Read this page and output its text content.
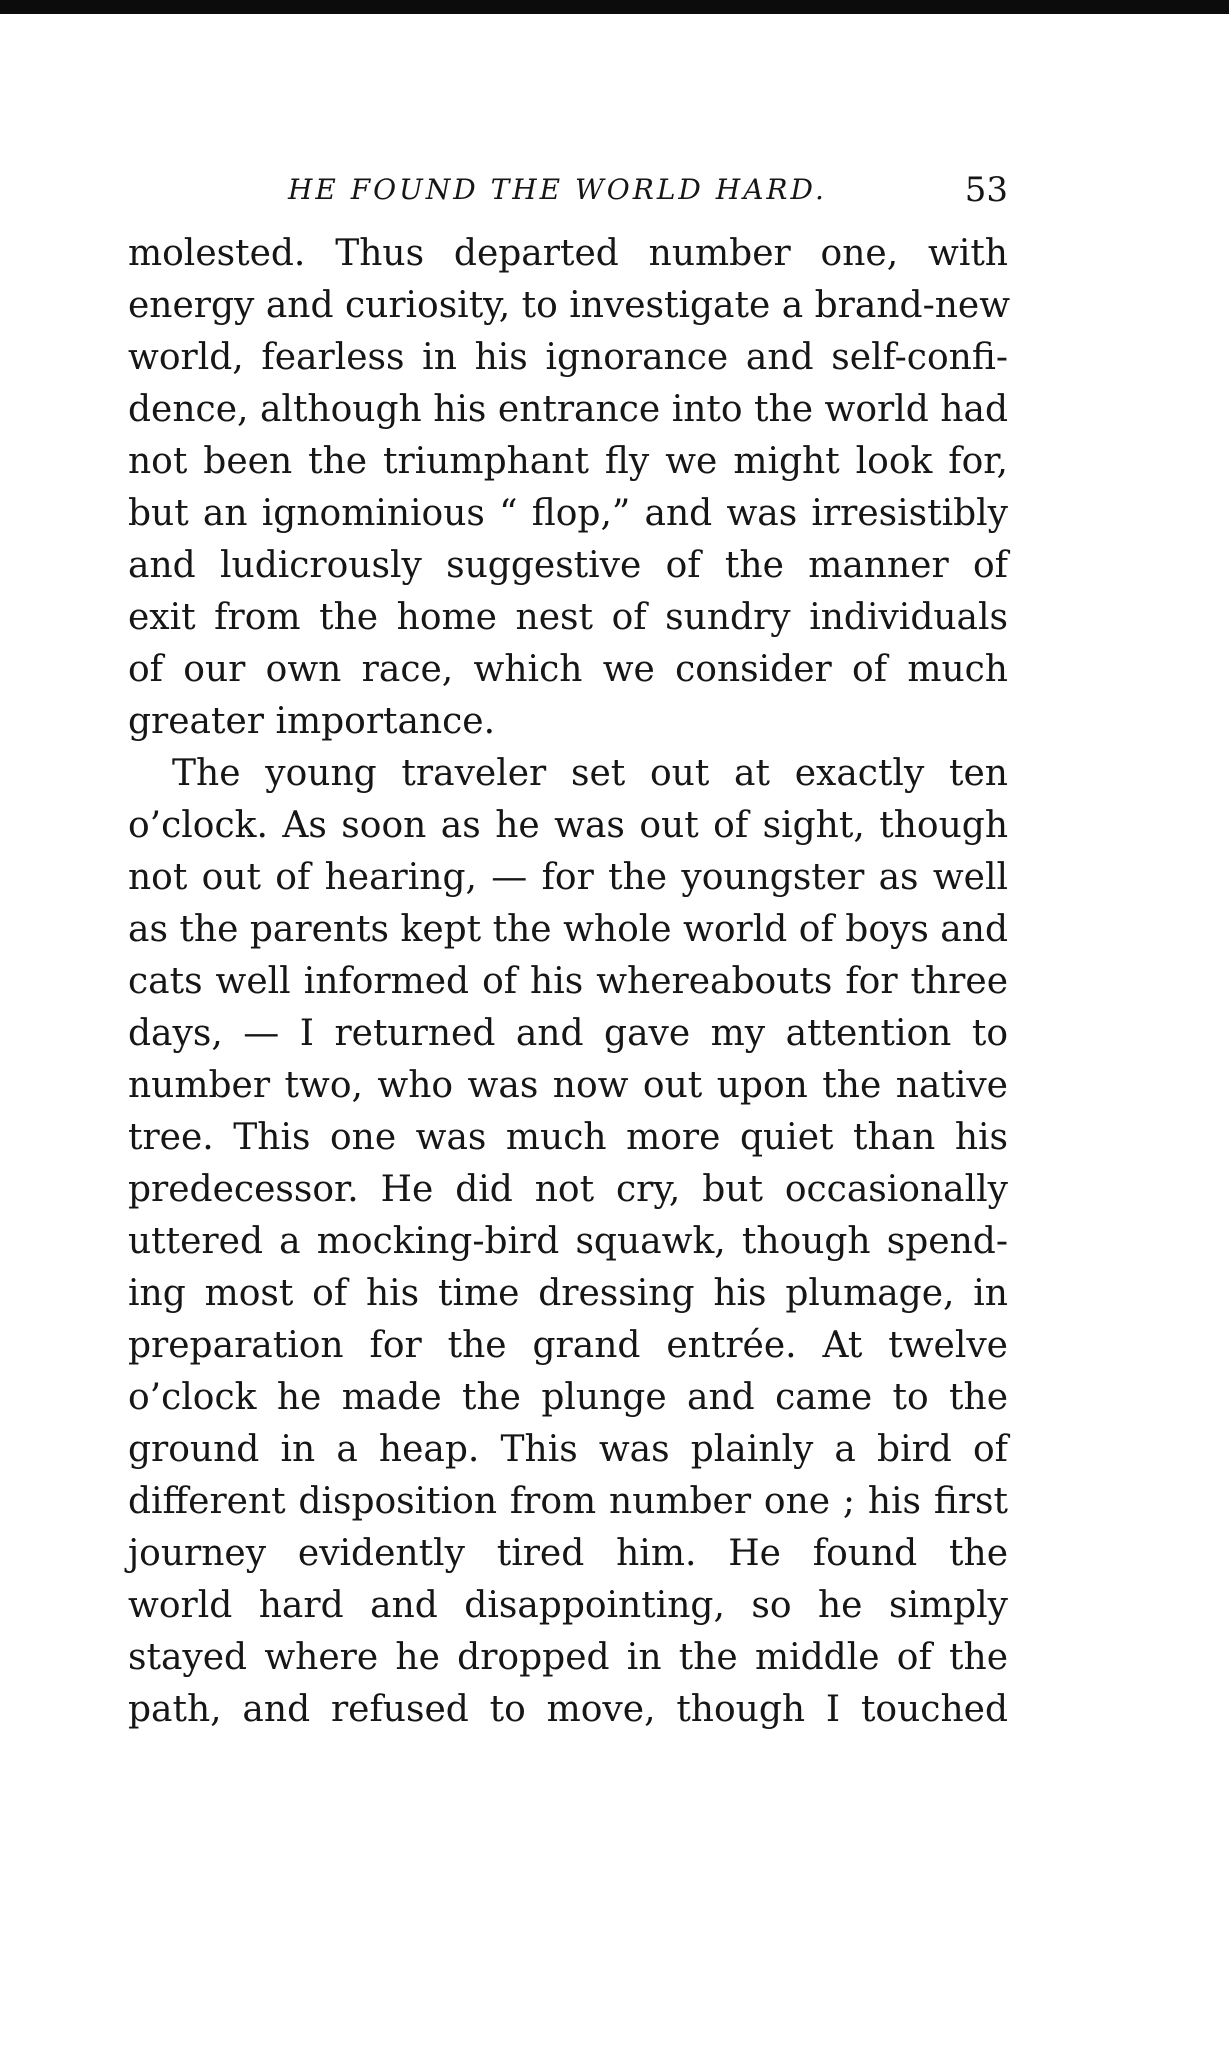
HE FOUND THE WORLD HARD.	53
molested. Thus departed number one, with
energy and curiosity, to investigate a brand-new
world, fearless in his ignorance and self-confi-
dence, although his entrance into the world had
not been the triumphant fly we might look for,
but an ignominious “ flop,” and was irresistibly
and ludicrously suggestive of the manner of
exit from the home nest of sundry individuals
of our own race, which we consider of much
greater importance.
The young traveler set out at exactly ten
o’clock. As soon as he was out of sight, though
not out of hearing, — for the youngster as well
as the parents kept the whole world of boys and
cats well informed of his whereabouts for three
days, — I returned and gave my attention to
number two, who was now out upon the native
tree. This one was much more quiet than his
predecessor. He did not cry, but occasionally
uttered a mocking-bird squawk, though spend-
ing most of his time dressing his plumage, in
preparation for the grand entrée. At twelve
o’clock he made the plunge and came to the
ground in a heap. This was plainly a bird of
different disposition from number one ; his first
journey evidently tired him. He found the
world hard and disappointing, so he simply
stayed where he dropped in the middle of the
path, and refused to move, though I touched
